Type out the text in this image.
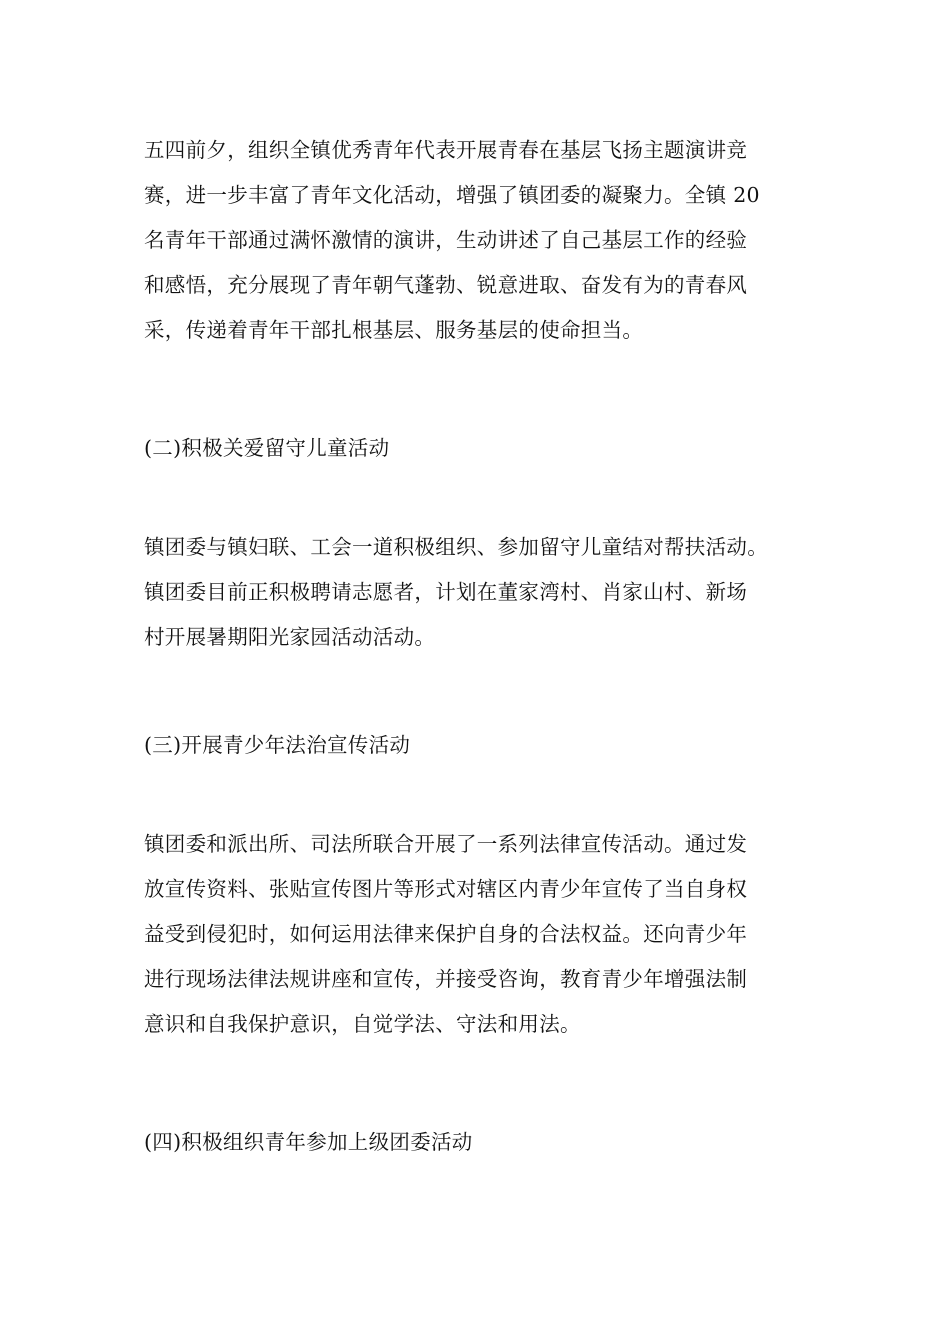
五四前夕，组织全镇优秀青年代表开展青春在基层飞扬主题演讲竞
赛，进一步丰富了青年文化活动，增强了镇团委的凝聚力。全镇 20
名青年干部通过满怀激情的演讲，生动讲述了自己基层工作的经验
和感悟，充分展现了青年朝气蓬勃、锐意进取、奋发有为的青春风
采，传递着青年干部扎根基层、服务基层的使命担当。
(二)积极关爱留守儿童活动
镇团委与镇妇联、工会一道积极组织、参加留守儿童结对帮扶活动。
镇团委目前正积极聘请志愿者，计划在董家湾村、肖家山村、新场
村开展暑期阳光家园活动活动。
(三)开展青少年法治宣传活动
镇团委和派出所、司法所联合开展了一系列法律宣传活动。通过发
放宣传资料、张贴宣传图片等形式对辖区内青少年宣传了当自身权
益受到侵犯时，如何运用法律来保护自身的合法权益。还向青少年
进行现场法律法规讲座和宣传，并接受咨询，教育青少年增强法制
意识和自我保护意识，自觉学法、守法和用法。
(四)积极组织青年参加上级团委活动
